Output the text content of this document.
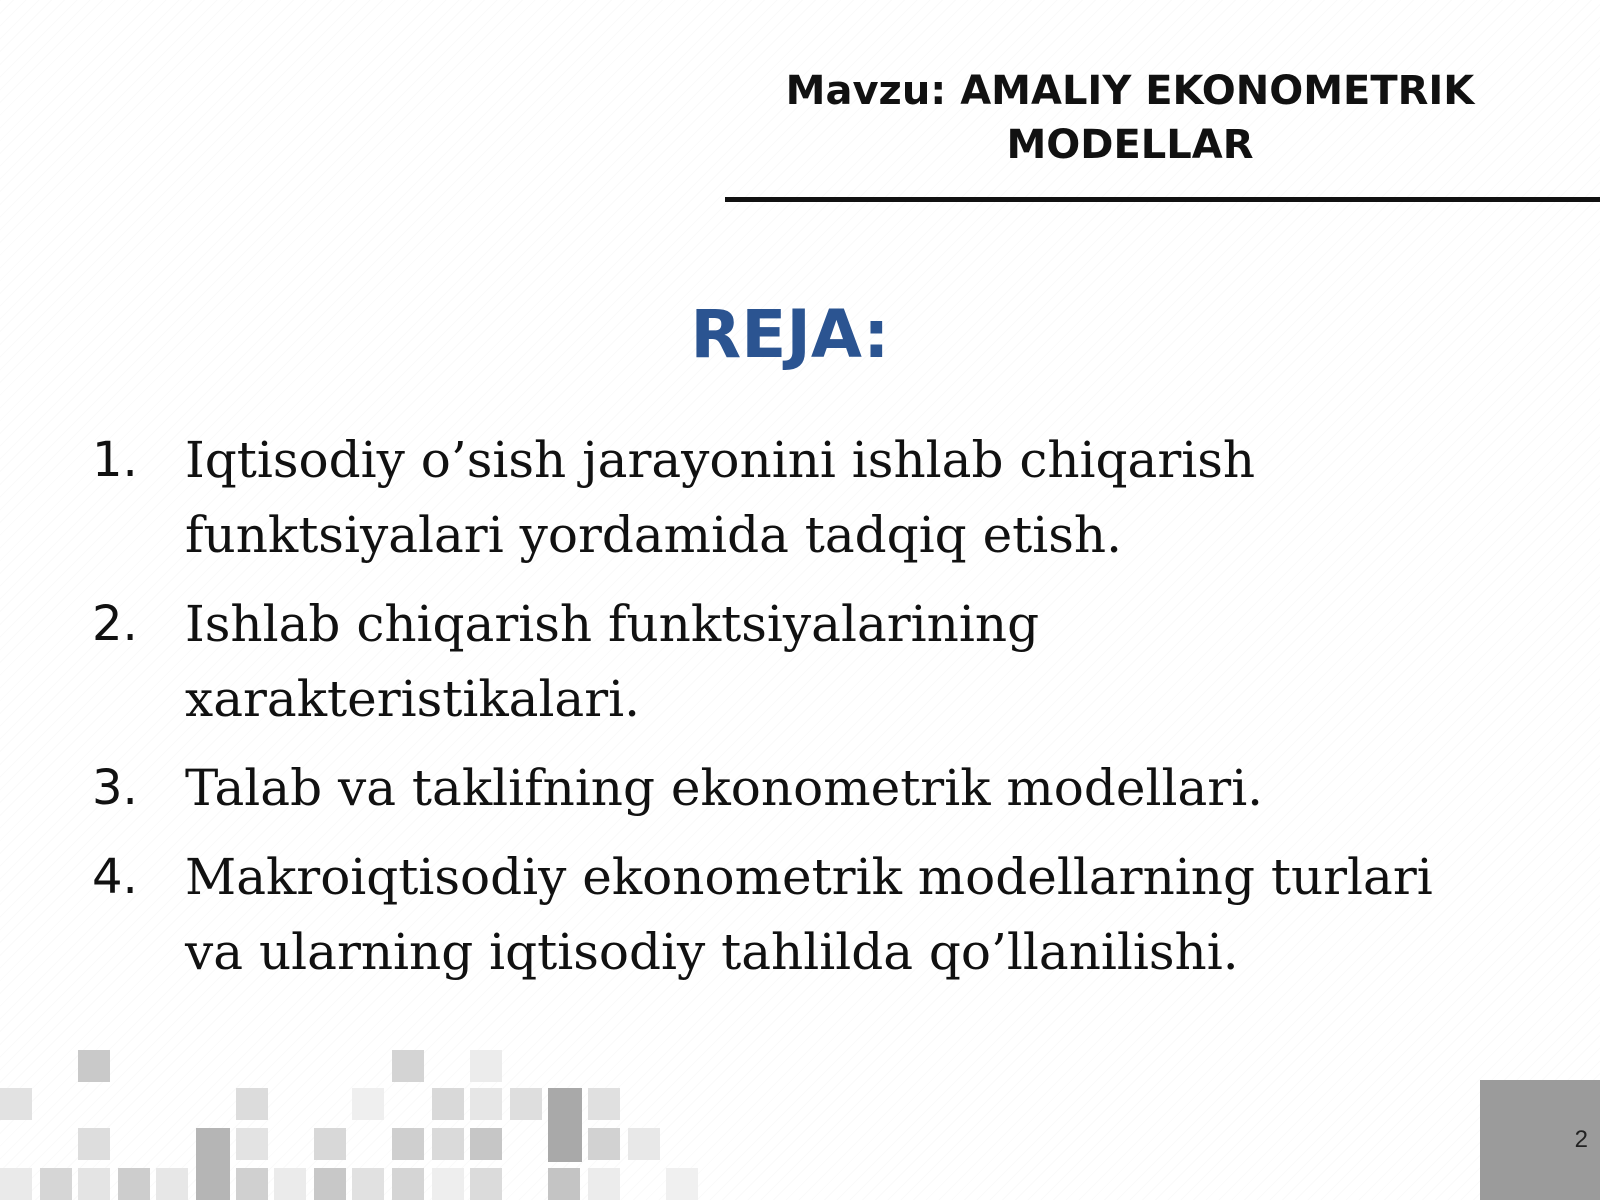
Mavzu: AMALIY EKONOMETRIK
MODELLAR
REJA:
1. Iqtisodiy o’sish jarayonini ishlab chiqarish
funktsiyalari yordamida tadqiq etish.
2. Ishlab chiqarish funktsiyalarining
xarakteristikalari.
3. Talab va taklifning ekonometrik modellari.
4. Makroiqtisodiy ekonometrik modellarning turlari
va ularning iqtisodiy tahlilda qo’llanilishi.
2
